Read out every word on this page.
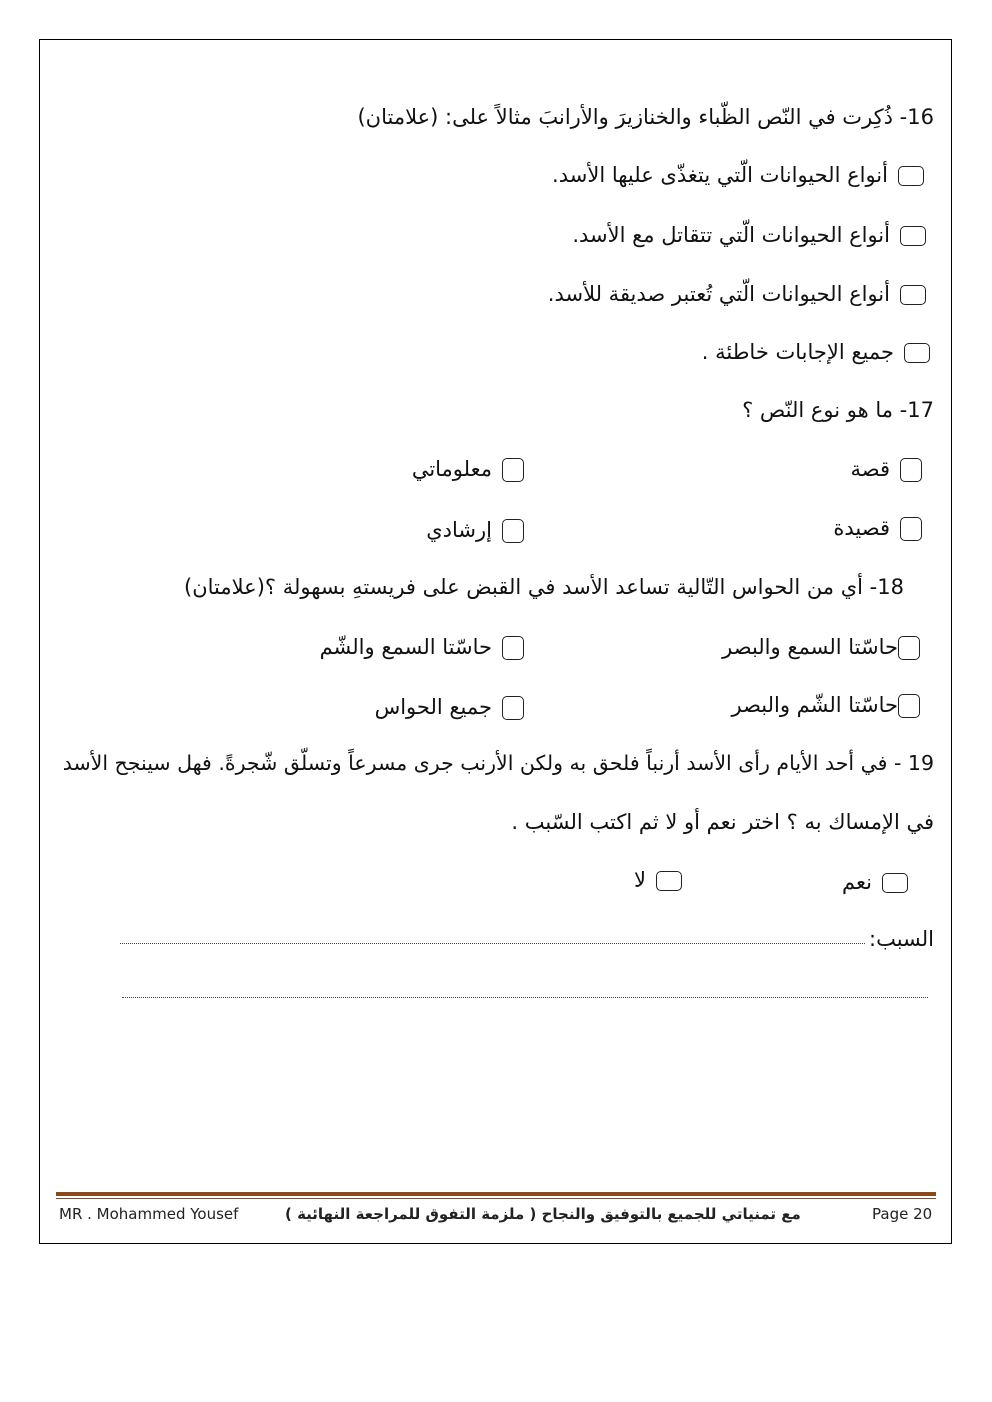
16- ذُكِرت في النّص الظّباء والخنازيرَ والأرانبَ مثالاً على: (علامتان)
أنواع الحيوانات الّتي يتغذّى عليها الأسد.
أنواع الحيوانات الّتي تتقاتل مع الأسد.
أنواع الحيوانات الّتي تُعتبر صديقة للأسد.
جميع الإجابات خاطئة .
17- ما هو نوع النّص ؟
قصة
معلوماتي
قصيدة
إرشادي
18- أي من الحواس التّالية تساعد الأسد في القبض على فريستهِ بسهولة ؟(علامتان)
حاسّتا السمع والبصر
حاسّتا السمع والشّم
حاسّتا الشّم والبصر
جميع الحواس
19 - في أحد الأيام رأى الأسد أرنباً فلحق به ولكن الأرنب جرى مسرعاً وتسلّق شّجرةً. فهل سينجح الأسد
في الإمساك به ؟ اختر نعم أو لا ثم اكتب السّبب .
نعم
لا
السبب:
MR . Mohammed Yousef	مع تمنياتي للجميع بالتوفيق والنجاح ( ملزمة التفوق للمراجعة النهائية )	Page 20
